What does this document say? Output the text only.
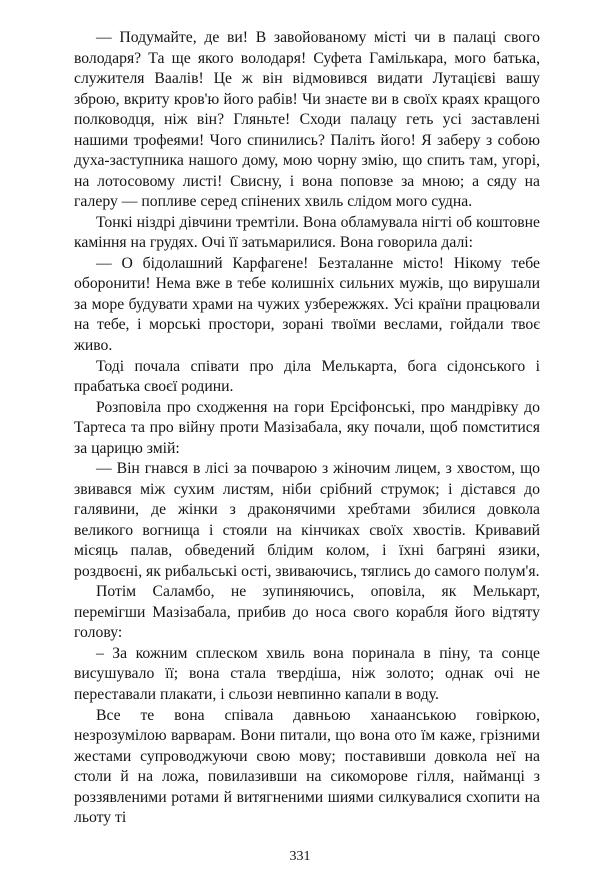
— Подумайте, де ви! В завойованому місті чи в палаці свого володаря? Та ще якого володаря! Суфета Гамількара, мого батька, служителя Ваалів! Це ж він відмовився видати Лутацієві вашу зброю, вкриту кров'ю його рабів! Чи знаєте ви в своїх краях кращого полководця, ніж він? Гляньте! Сходи палацу геть усі заставлені нашими трофеями! Чого спинились? Паліть його! Я заберу з собою духа-заступника нашого дому, мою чорну змію, що спить там, угорі, на лотосовому листі! Свисну, і вона поповзе за мною; а сяду на галеру — попливе серед спінених хвиль слідом мого судна.

Тонкі ніздрі дівчини тремтіли. Вона обламувала нігті об коштовне каміння на грудях. Очі її затьмарилися. Вона говорила далі:

— О бідолашний Карфагене! Безталанне місто! Нікому тебе оборонити! Нема вже в тебе колишніх сильних мужів, що вирушали за море будувати храми на чужих узбережжях. Усі країни працювали на тебе, і морські простори, зорані твоїми веслами, гойдали твоє живо.

Тоді почала співати про діла Мелькарта, бога сідонського і прабатька своєї родини.

Розповіла про сходження на гори Ерсіфонські, про мандрівку до Тартеса та про війну проти Мазізабала, яку почали, щоб помститися за царицю змій:

— Він гнався в лісі за почварою з жіночим лицем, з хвостом, що звивався між сухим листям, ніби срібний струмок; і дістався до галявини, де жінки з драконячими хребтами збилися довкола великого вогнища і стояли на кінчиках своїх хвостів. Кривавий місяць палав, обведений блідим колом, і їхні багряні язики, роздвоєні, як рибальські ості, звиваючись, тяглись до самого полум'я.

Потім Саламбо, не зупиняючись, оповіла, як Мелькарт, перемігши Мазізабала, прибив до носа свого корабля його відтяту голову:

– За кожним сплеском хвиль вона поринала в піну, та сонце висушувало її; вона стала твердіша, ніж золото; однак очі не переставали плакати, і сльози невпинно капали в воду.

Все те вона співала давньою ханаанською говіркою, незрозумілою варварам. Вони питали, що вона ото їм каже, грізними жестами супроводжуючи свою мову; поставивши довкола неї на столи й на ложа, повилазивши на сикоморове гілля, найманці з роззявленими ротами й витягненими шиями силкувалися схопити на льоту ті

331
